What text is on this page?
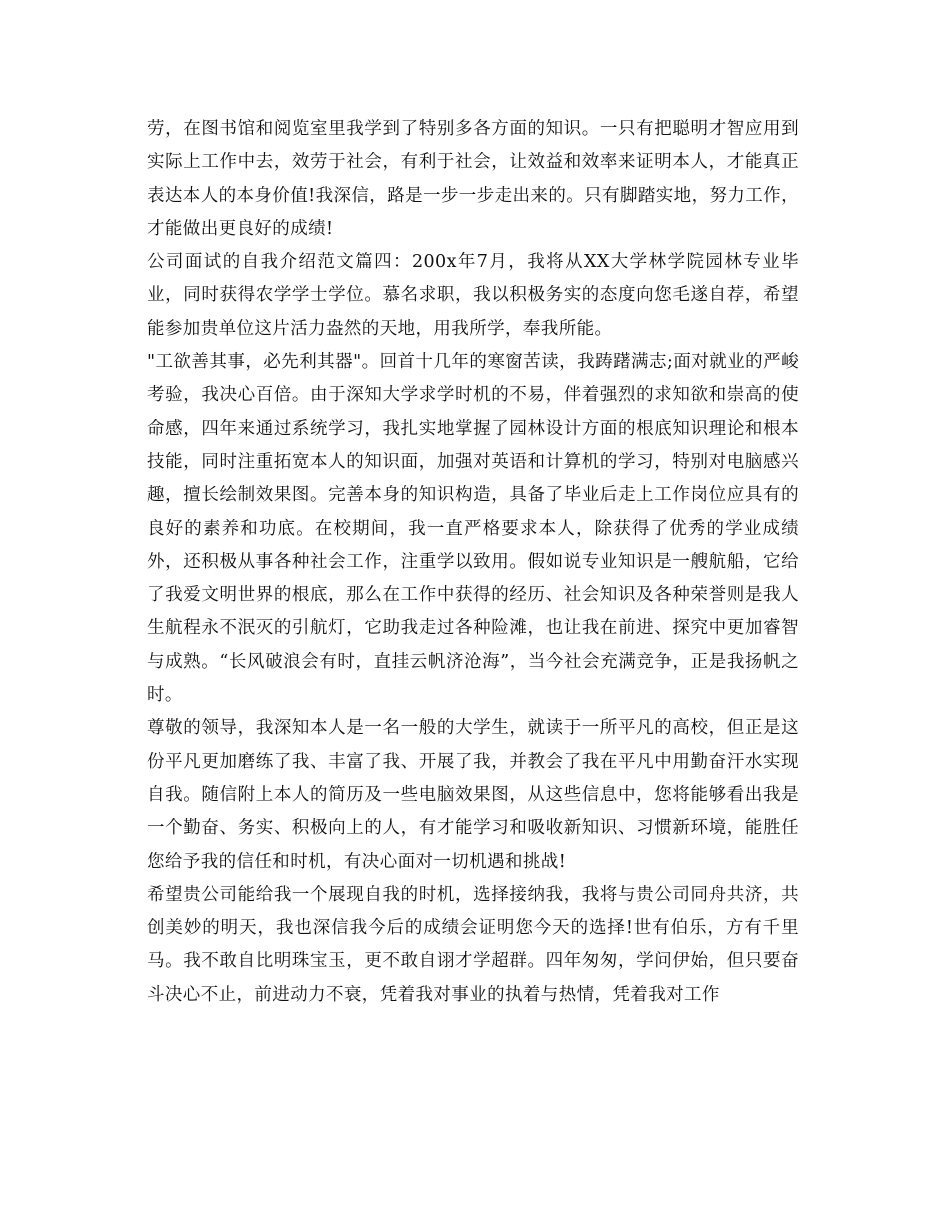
劳，在图书馆和阅览室里我学到了特别多各方面的知识。一只有把聪明才智应用到实际上工作中去，效劳于社会，有利于社会，让效益和效率来证明本人，才能真正表达本人的本身价值!我深信，路是一步一步走出来的。只有脚踏实地，努力工作，才能做出更良好的成绩!

公司面试的自我介绍范文篇四：200x年7月，我将从XX大学林学院园林专业毕业，同时获得农学学士学位。慕名求职，我以积极务实的态度向您毛遂自荐，希望能参加贵单位这片活力盎然的天地，用我所学，奉我所能。

"工欲善其事，必先利其器"。回首十几年的寒窗苦读，我踌躇满志;面对就业的严峻考验，我决心百倍。由于深知大学求学时机的不易，伴着强烈的求知欲和崇高的使命感，四年来通过系统学习，我扎实地掌握了园林设计方面的根底知识理论和根本技能，同时注重拓宽本人的知识面，加强对英语和计算机的学习，特别对电脑感兴趣，擅长绘制效果图。完善本身的知识构造，具备了毕业后走上工作岗位应具有的良好的素养和功底。在校期间，我一直严格要求本人，除获得了优秀的学业成绩外，还积极从事各种社会工作，注重学以致用。假如说专业知识是一艘航船，它给了我爱文明世界的根底，那么在工作中获得的经历、社会知识及各种荣誉则是我人生航程永不泯灭的引航灯，它助我走过各种险滩，也让我在前进、探究中更加睿智与成熟。“长风破浪会有时，直挂云帆济沧海”，当今社会充满竞争，正是我扬帆之时。

尊敬的领导，我深知本人是一名一般的大学生，就读于一所平凡的高校，但正是这份平凡更加磨练了我、丰富了我、开展了我，并教会了我在平凡中用勤奋汗水实现自我。随信附上本人的简历及一些电脑效果图，从这些信息中，您将能够看出我是一个勤奋、务实、积极向上的人，有才能学习和吸收新知识、习惯新环境，能胜任您给予我的信任和时机，有决心面对一切机遇和挑战!

希望贵公司能给我一个展现自我的时机，选择接纳我，我将与贵公司同舟共济，共创美妙的明天，我也深信我今后的成绩会证明您今天的选择!世有伯乐，方有千里马。我不敢自比明珠宝玉，更不敢自诩才学超群。四年匆匆，学问伊始，但只要奋斗决心不止，前进动力不衰，凭着我对事业的执着与热情，凭着我对工作
